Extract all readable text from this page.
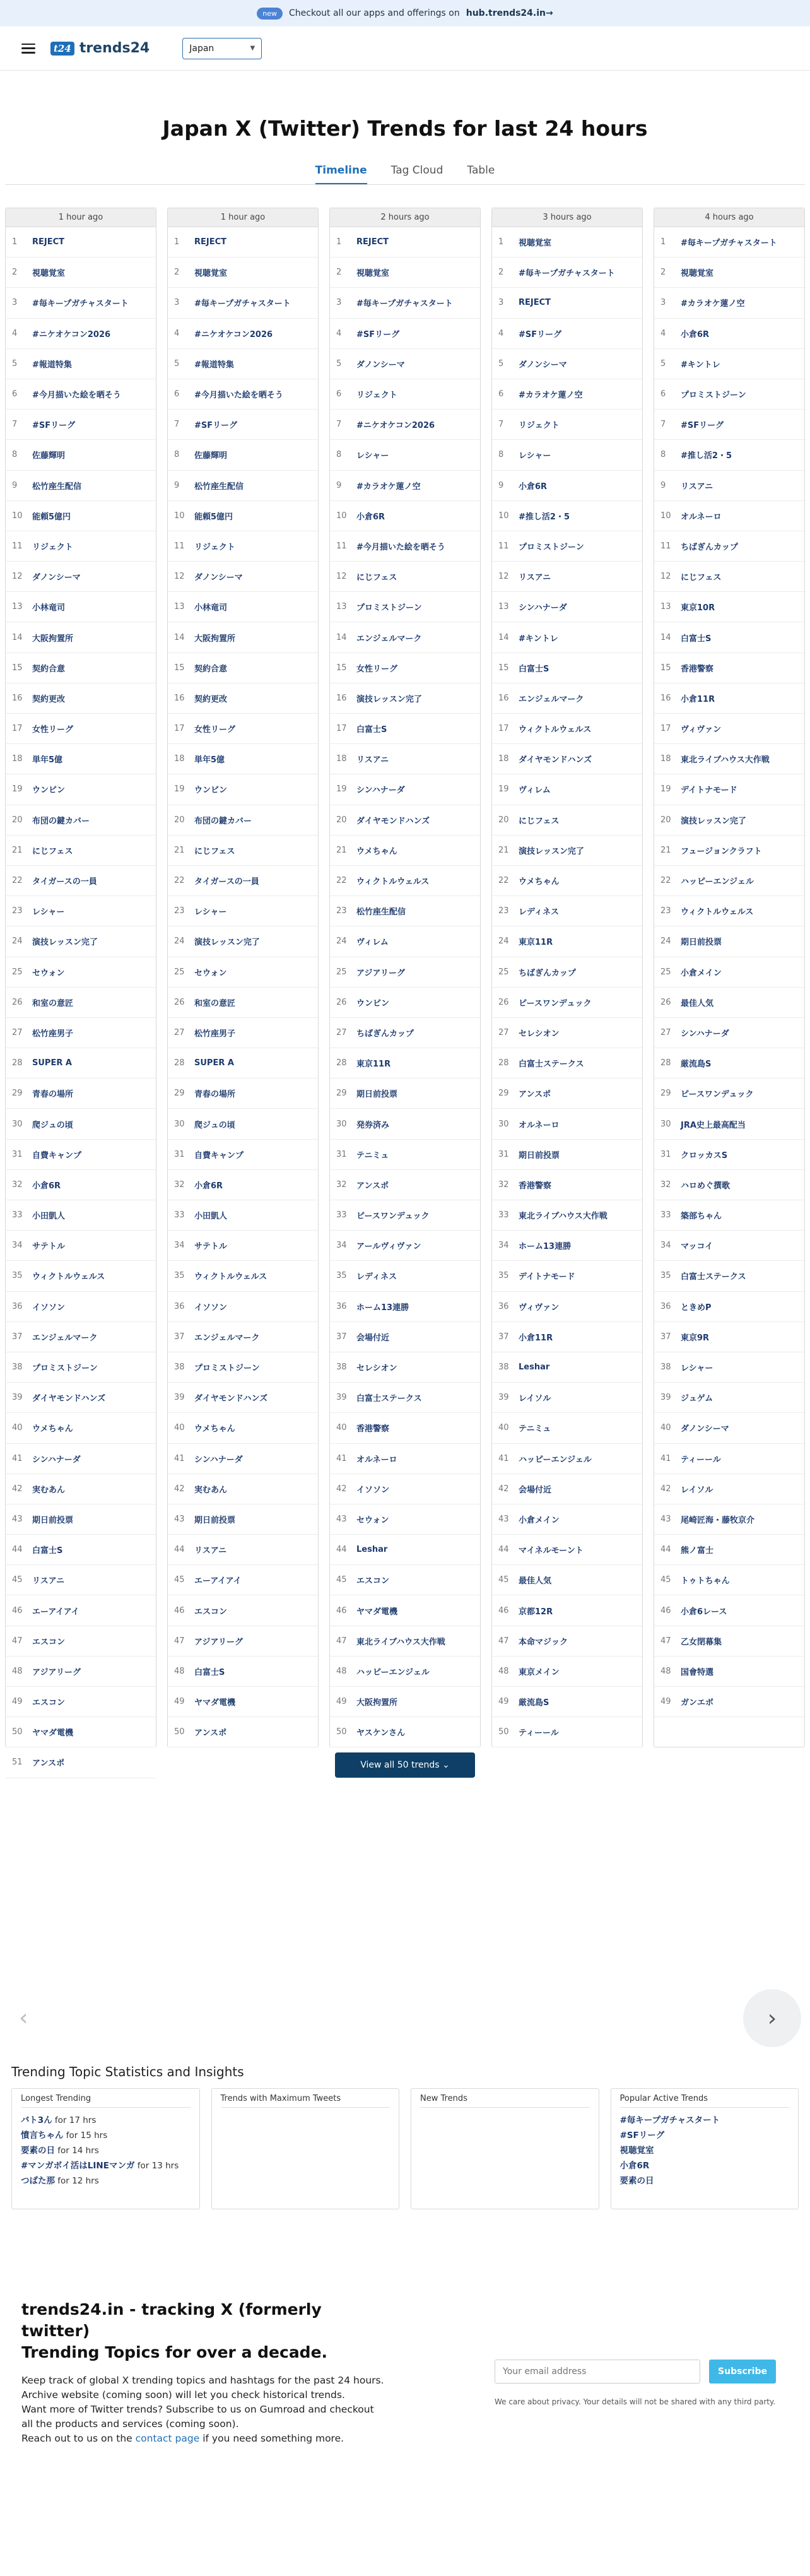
new	Checkout all our apps and offerings on hub.trends24.in→
t24 trends24	Japan	▼
Japan X (Twitter) Trends for last 24 hours
Timeline Tag Cloud Table
1 hour ago
1	REJECT
2	視聴覚室
3	#毎キープガチャスタート
4	#ニケオケコン2026
5	#報道特集
6	#今月描いた絵を晒そう
7	#SFリーグ
8	佐藤輝明
9	松竹座生配信
10	能頼5億円
11	リジェクト
12	ダノンシーマ
13	小林竜司
14	大阪拘置所
15	契約合意
16	契約更改
17	女性リーグ
18	単年5億
19	ウンビン
20	布団の鍵カバー
21	にじフェス
22	タイガースの一員
23	レシャー
24	演技レッスン完了
25	セウォン
26	和室の意匠
27	松竹座男子
28	SUPER A
29	青春の場所
30	爬ジュの頃
31	自費キャンプ
32	小倉6R
33	小田凱人
34	サテトル
35	ウィクトルウェルス
36	イソソン
37	エンジェルマーク
38	プロミストジーン
39	ダイヤモンドハンズ
40	ウメちゃん
41	シンハナーダ
42	実むあん
43	期日前投票
44	白富士S
45	リスアニ
46	エーアイアイ
47	エスコン
48	アジアリーグ
49	エスコン
50	ヤマダ電機
51	アンスポ
1 hour ago
1	REJECT
2	視聴覚室
3	#毎キープガチャスタート
4	#ニケオケコン2026
5	#報道特集
6	#今月描いた絵を晒そう
7	#SFリーグ
8	佐藤輝明
9	松竹座生配信
10	能頼5億円
11	リジェクト
12	ダノンシーマ
13	小林竜司
14	大阪拘置所
15	契約合意
16	契約更改
17	女性リーグ
18	単年5億
19	ウンビン
20	布団の鍵カバー
21	にじフェス
22	タイガースの一員
23	レシャー
24	演技レッスン完了
25	セウォン
26	和室の意匠
27	松竹座男子
28	SUPER A
29	青春の場所
30	爬ジュの頃
31	自費キャンプ
32	小倉6R
33	小田凱人
34	サテトル
35	ウィクトルウェルス
36	イソソン
37	エンジェルマーク
38	プロミストジーン
39	ダイヤモンドハンズ
40	ウメちゃん
41	シンハナーダ
42	実むあん
43	期日前投票
44	リスアニ
45	エーアイアイ
46	エスコン
47	アジアリーグ
48	白富士S
49	ヤマダ電機
50	アンスポ
2 hours ago
1	REJECT
2	視聴覚室
3	#毎キープガチャスタート
4	#SFリーグ
5	ダノンシーマ
6	リジェクト
7	#ニケオケコン2026
8	レシャー
9	#カラオケ蓮ノ空
10	小倉6R
11	#今月描いた絵を晒そう
12	にじフェス
13	プロミストジーン
14	エンジェルマーク
15	女性リーグ
16	演技レッスン完了
17	白富士S
18	リスアニ
19	シンハナーダ
20	ダイヤモンドハンズ
21	ウメちゃん
22	ウィクトルウェルス
23	松竹座生配信
24	ヴィレム
25	アジアリーグ
26	ウンビン
27	ちばぎんカップ
28	東京11R
29	期日前投票
30	発券済み
31	テニミュ
32	アンスポ
33	ピースワンデュック
34	アールヴィヴァン
35	レディネス
36	ホーム13連勝
37	会場付近
38	セレシオン
39	白富士ステークス
40	香港警察
41	オルネーロ
42	イソソン
43	セウォン
44	Leshar
45	エスコン
46	ヤマダ電機
47	東北ライブハウス大作戦
48	ハッピーエンジェル
49	大阪拘置所
50	ヤスケンさん
3 hours ago
1	視聴覚室
2	#毎キープガチャスタート
3	REJECT
4	#SFリーグ
5	ダノンシーマ
6	#カラオケ蓮ノ空
7	リジェクト
8	レシャー
9	小倉6R
10	#推し活2・5
11	プロミストジーン
12	リスアニ
13	シンハナーダ
14	#キントレ
15	白富士S
16	エンジェルマーク
17	ウィクトルウェルス
18	ダイヤモンドハンズ
19	ヴィレム
20	にじフェス
21	演技レッスン完了
22	ウメちゃん
23	レディネス
24	東京11R
25	ちばぎんカップ
26	ピースワンデュック
27	セレシオン
28	白富士ステークス
29	アンスポ
30	オルネーロ
31	期日前投票
32	香港警察
33	東北ライブハウス大作戦
34	ホーム13連勝
35	デイトナモード
36	ヴィヴァン
37	小倉11R
38	Leshar
39	レイソル
40	テニミュ
41	ハッピーエンジェル
42	会場付近
43	小倉メイン
44	マイネルモーント
45	最佳人気
46	京都12R
47	本命マジック
48	東京メイン
49	厳流島S
50	ティーール
4 hours ago
1	#毎キープガチャスタート
2	視聴覚室
3	#カラオケ蓮ノ空
4	小倉6R
5	#キントレ
6	プロミストジーン
7	#SFリーグ
8	#推し活2・5
9	リスアニ
10	オルネーロ
11	ちばぎんカップ
12	にじフェス
13	東京10R
14	白富士S
15	香港警察
16	小倉11R
17	ヴィヴァン
18	東北ライブハウス大作戦
19	デイトナモード
20	演技レッスン完了
21	フュージョンクラフト
22	ハッピーエンジェル
23	ウィクトルウェルス
24	期日前投票
25	小倉メイン
26	最佳人気
27	シンハナーダ
28	厳流島S
29	ピースワンデュック
30	JRA史上最高配当
31	クロッカスS
32	ハロめぐ撰歌
33	築部ちゃん
34	マッコイ
35	白富士ステークス
36	ときめP
37	東京9R
38	レシャー
39	ジュゲム
40	ダノンシーマ
41	ティーール
42	レイソル
43	尾崎匠海・藤牧京介
44	熊ノ富士
45	トゥトちゃん
46	小倉6レース
47	乙女閉幕集
48	国會特選
49	ガンエボ
View all 50 trends ⌄
‹	›
Trending Topic Statistics and Insights
Longest Trending
バト3ん for 17 hrs
憤言ちゃん for 15 hrs
要素の日 for 14 hrs
#マンガボイ活はLINEマンガ for 13 hrs
つばた那 for 12 hrs
Trends with Maximum Tweets	New Trends	Popular Active Trends
#毎キープガチャスタート
#SFリーグ
視聴覚室
小倉6R
要素の日
trends24.in - tracking X (formerly twitter)
Trending Topics for over a decade.

Keep track of global X trending topics and hashtags for the past 24 hours.

Archive website (coming soon) will let you check historical trends.

Want more of Twitter trends? Subscribe to us on Gumroad and checkout all the products and services (coming soon).

Reach out to us on the contact page if you need something more.

Your email address
Subscribe
We care about privacy. Your details will not be shared with any third party.
